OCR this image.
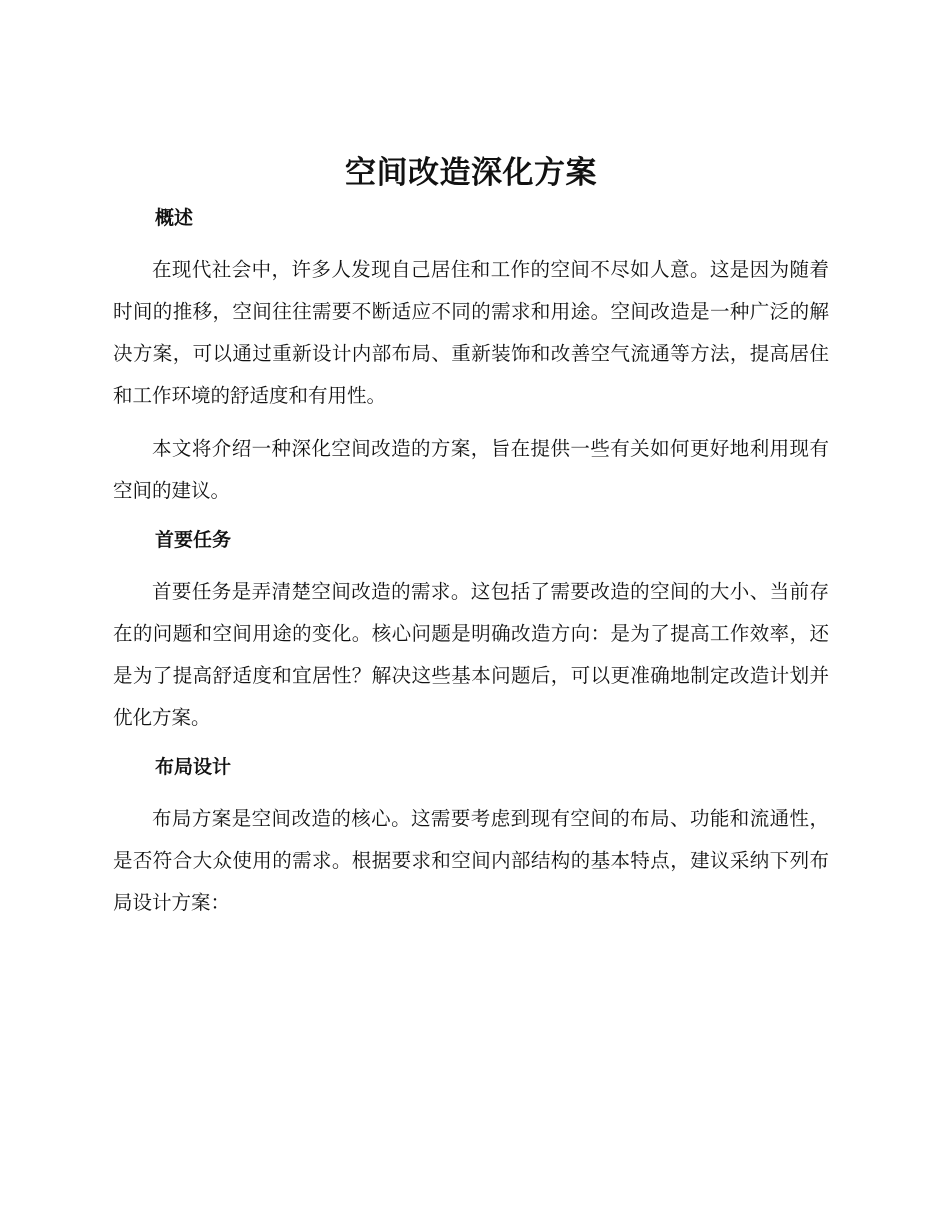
空间改造深化方案
概述

在现代社会中，许多人发现自己居住和工作的空间不尽如人意。这是因为随着时间的推移，空间往往需要不断适应不同的需求和用途。空间改造是一种广泛的解决方案，可以通过重新设计内部布局、重新装饰和改善空气流通等方法，提高居住和工作环境的舒适度和有用性。

本文将介绍一种深化空间改造的方案，旨在提供一些有关如何更好地利用现有空间的建议。

首要任务

首要任务是弄清楚空间改造的需求。这包括了需要改造的空间的大小、当前存在的问题和空间用途的变化。核心问题是明确改造方向：是为了提高工作效率，还是为了提高舒适度和宜居性？解决这些基本问题后，可以更准确地制定改造计划并优化方案。

布局设计

布局方案是空间改造的核心。这需要考虑到现有空间的布局、功能和流通性，是否符合大众使用的需求。根据要求和空间内部结构的基本特点，建议采纳下列布局设计方案：
